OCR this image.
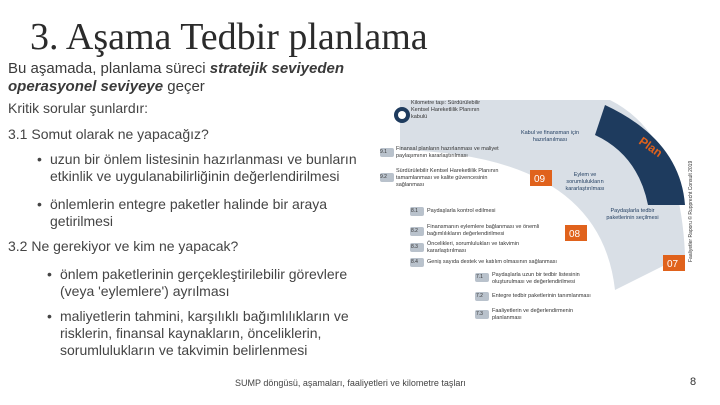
3. Aşama Tedbir planlama
Bu aşamada, planlama süreci stratejik seviyeden
operasyonel seviyeye geçer
Kritik sorular şunlardır:
3.1 Somut olarak ne yapacağız?
• uzun bir önlem listesinin hazırlanması ve bunların etkinlik ve uygulanabilirliğinin değerlendirilmesi
• önlemlerin entegre paketler halinde bir araya getirilmesi
3.2 Ne gerekiyor ve kim ne yapacak?
• önlem paketlerinin gerçekleştirilebilir görevlere (veya 'eylemlere') ayrılması
• maliyetlerin tahmini, karşılıklı bağımlılıkların ve risklerin, finansal kaynakların, önceliklerin, sorumlulukların ve takvimin belirlenmesi
Plan
09
08
07
Kilometre taşı: Sürdürülebilir Kentsel Hareketlilik Planının kabulü
Kabul ve finansman için hazırlanılması
9.1 Finansal planların hazırlanması ve maliyet paylaşımının kararlaştırılması
9.2
Sürdürülebilir Kentsel Hareketlilik Planının tamamlanması ve kalite güvencesinin sağlanması
Eylem ve sorumlulukların kararlaştırılması
8.1 Paydaşlarla kontrol edilmesi
8.2
Finansmanın eylemlere bağlanması ve önemli bağımlılıkların değerlendirilmesi
8.3 Öncelikleri, sorumlulukları ve takvimin kararlaştırılması
8.4 Geniş sayıda destek ve katılım olmasının sağlanması
Paydaşlarla tedbir paketlerinin seçilmesi
7.1 Paydaşlarla uzun bir tedbir listesinin oluşturulması ve değerlendirilmesi
7.2 Entegre tedbir paketlerinin tanımlanması
7.3 Faaliyetlerin ve değerlendirmenin planlanması
Faaliyetler Raporu © Rupprecht Consult 2019
SUMP döngüsü, aşamaları, faaliyetleri ve kilometre taşları	8
